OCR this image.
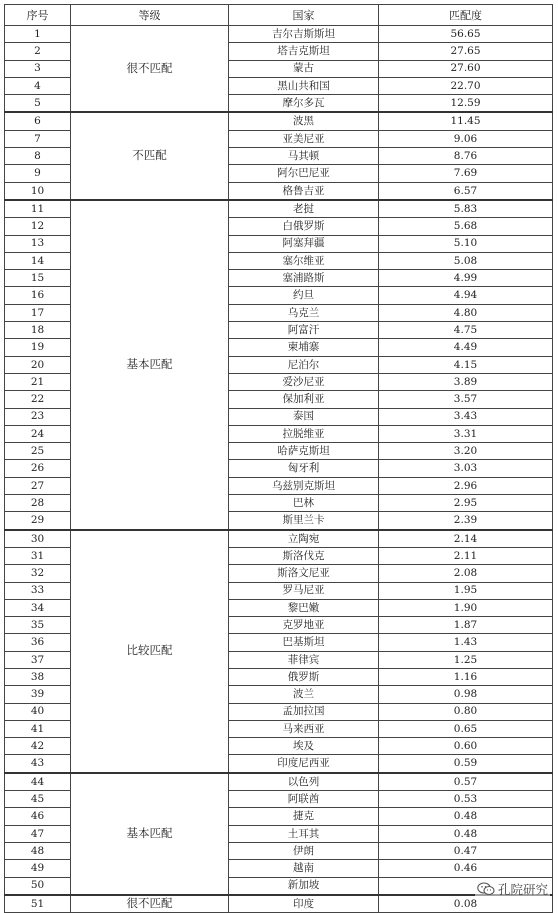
序号	等级	国家	匹配度
1	很不匹配	吉尔吉斯斯坦	56.65
2		塔吉克斯坦	27.65
3		蒙古	27.60
4		黑山共和国	22.70
5		摩尔多瓦	12.59
6	不匹配	波黑	11.45
7		亚美尼亚	9.06
8		马其顿	8.76
9		阿尔巴尼亚	7.69
10		格鲁吉亚	6.57
11	基本匹配	老挝	5.83
12		白俄罗斯	5.68
13		阿塞拜疆	5.10
14		塞尔维亚	5.08
15		塞浦路斯	4.99
16		约旦	4.94
17		乌克兰	4.80
18		阿富汗	4.75
19		柬埔寨	4.49
20		尼泊尔	4.15
21		爱沙尼亚	3.89
22		保加利亚	3.57
23		泰国	3.43
24		拉脱维亚	3.31
25		哈萨克斯坦	3.20
26		匈牙利	3.03
27		乌兹别克斯坦	2.96
28		巴林	2.95
29		斯里兰卡	2.39
30	比较匹配	立陶宛	2.14
31		斯洛伐克	2.11
32		斯洛文尼亚	2.08
33		罗马尼亚	1.95
34		黎巴嫩	1.90
35		克罗地亚	1.87
36		巴基斯坦	1.43
37		菲律宾	1.25
38		俄罗斯	1.16
39		波兰	0.98
40		孟加拉国	0.80
41		马来西亚	0.65
42		埃及	0.60
43		印度尼西亚	0.59
44	基本匹配	以色列	0.57
45		阿联酋	0.53
46		捷克	0.48
47		土耳其	0.48
48		伊朗	0.47
49		越南	0.46
50		新加坡	
51	很不匹配	印度	0.08
孔院研究
